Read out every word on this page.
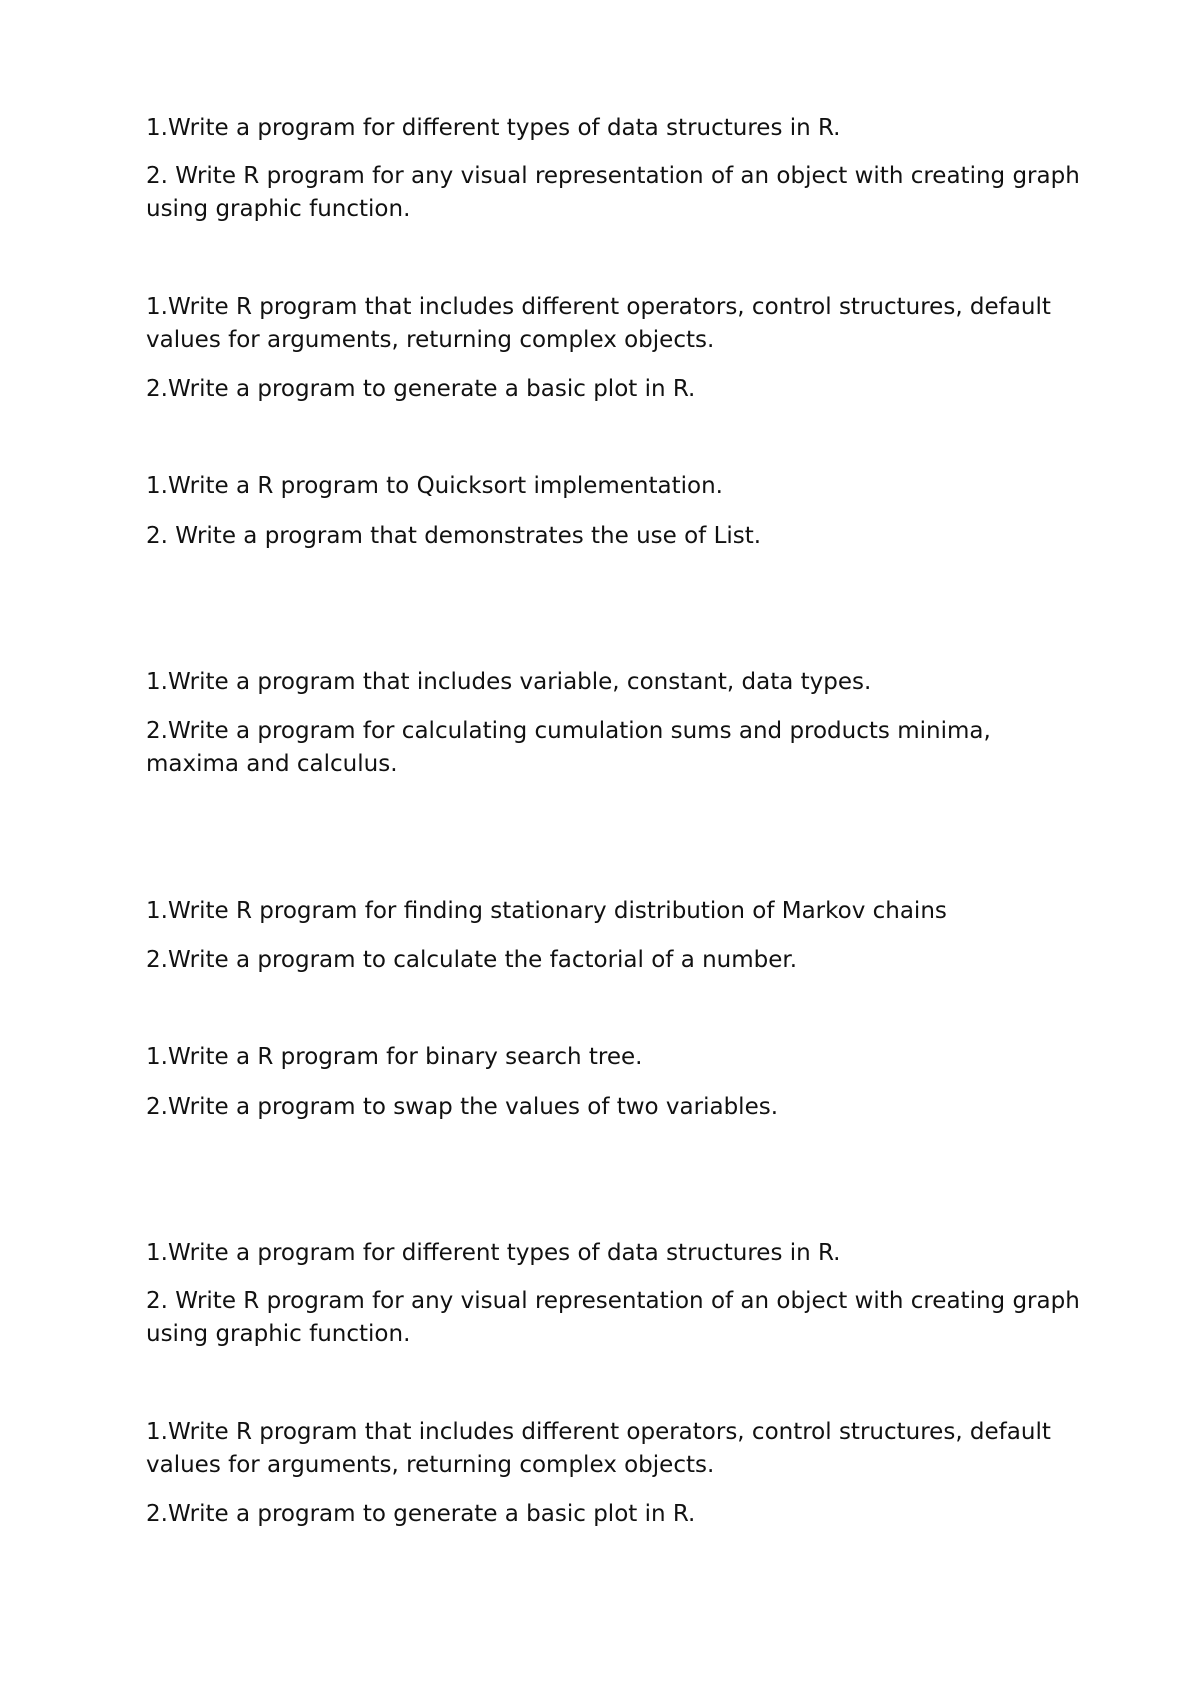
1.Write a program for different types of data structures in R.

2. Write R program for any visual representation of an object with creating graph using graphic function.

1.Write R program that includes different operators, control structures, default values for arguments, returning complex objects.

2.Write a program to generate a basic plot in R.

1.Write a R program to Quicksort implementation.

2. Write a program that demonstrates the use of List.

1.Write a program that includes variable, constant, data types.

2.Write a program for calculating cumulation sums and products minima, maxima and calculus.

1.Write R program for finding stationary distribution of Markov chains

2.Write a program to calculate the factorial of a number.

1.Write a R program for binary search tree.

2.Write a program to swap the values of two variables.

1.Write a program for different types of data structures in R.

2. Write R program for any visual representation of an object with creating graph using graphic function.

1.Write R program that includes different operators, control structures, default values for arguments, returning complex objects.

2.Write a program to generate a basic plot in R.
